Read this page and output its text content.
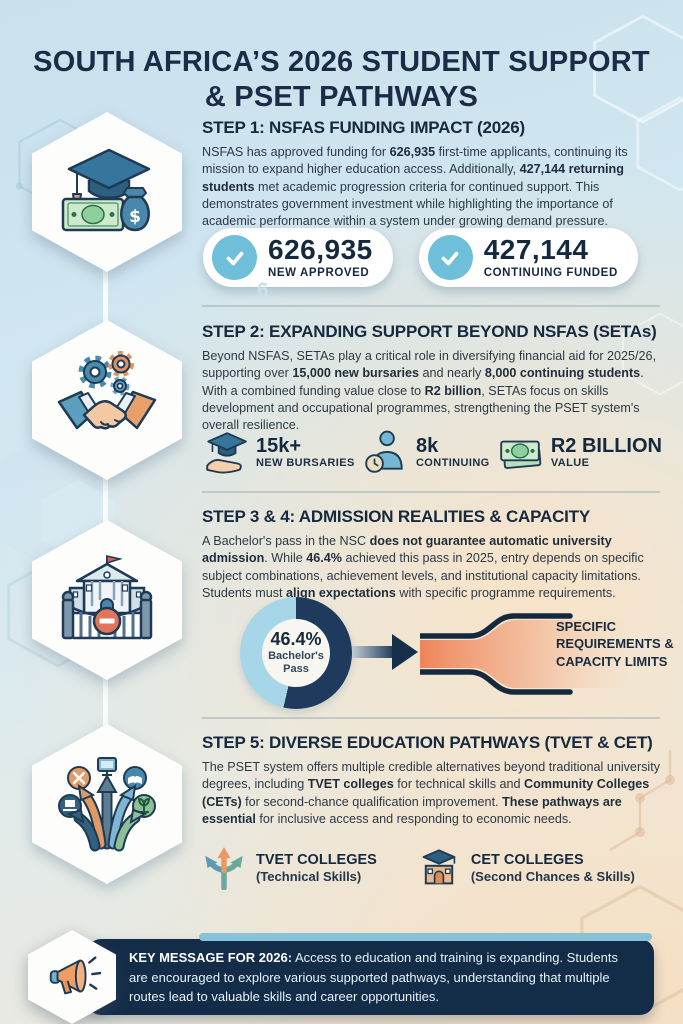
SOUTH AFRICA’S 2026 STUDENT SUPPORT & PSET PATHWAYS
$
STEP 1: NSFAS FUNDING IMPACT (2026)

NSFAS has approved funding for 626,935 first-time applicants, continuing its mission to expand higher education access. Additionally, 427,144 returning students met academic progression criteria for continued support. This demonstrates government investment while highlighting the importance of academic performance within a system under growing demand pressure.

626,935
NEW APPROVED
427,144
CONTINUING FUNDED
6
STEP 2: EXPANDING SUPPORT BEYOND NSFAS (SETAs)

Beyond NSFAS, SETAs play a critical role in diversifying financial aid for 2025/26, supporting over 15,000 new bursaries and nearly 8,000 continuing students. With a combined funding value close to R2 billion, SETAs focus on skills development and occupational programmes, strengthening the PSET system's overall resilience.

15k+
NEW BURSARIES
8k
CONTINUING
R2 BILLION
VALUE
STEP 3 & 4: ADMISSION REALITIES & CAPACITY

A Bachelor's pass in the NSC does not guarantee automatic university admission. While 46.4% achieved this pass in 2025, entry depends on specific subject combinations, achievement levels, and institutional capacity limitations. Students must align expectations with specific programme requirements.

46.4%
Bachelor's
Pass
SPECIFIC
REQUIREMENTS &
CAPACITY LIMITS
STEP 5: DIVERSE EDUCATION PATHWAYS (TVET & CET)

The PSET system offers multiple credible alternatives beyond traditional university degrees, including TVET colleges for technical skills and Community Colleges (CETs) for second-chance qualification improvement. These pathways are essential for inclusive access and responding to economic needs.

TVET COLLEGES
(Technical Skills)
CET COLLEGES
(Second Chances & Skills)
KEY MESSAGE FOR 2026: Access to education and training is expanding. Students are encouraged to explore various supported pathways, understanding that multiple routes lead to valuable skills and career opportunities.
